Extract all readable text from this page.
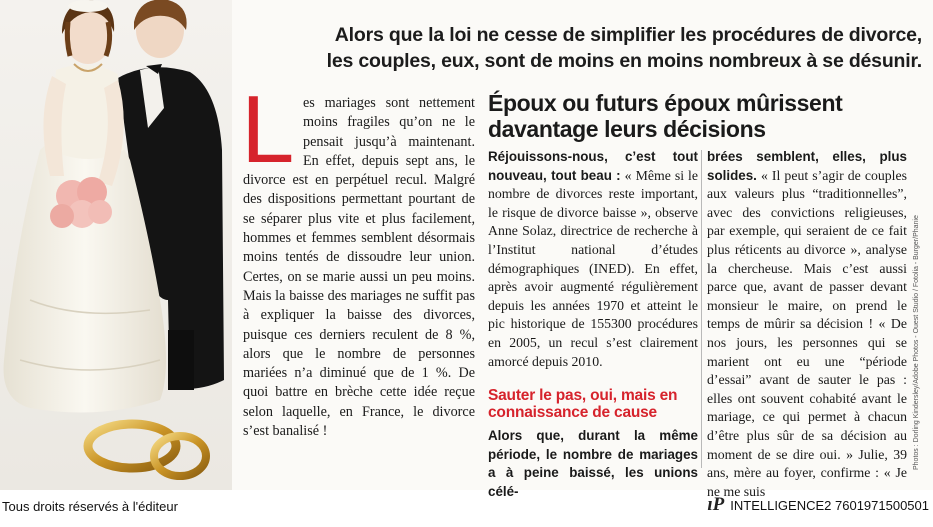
Alors que la loi ne cesse de simplifier les procédures de divorce,
les couples, eux, sont de moins en moins nombreux à se désunir.
L es mariages sont nettement moins fragiles qu’on ne le pensait jusqu’à maintenant. En effet, depuis sept ans, le divorce est en perpétuel recul. Malgré des dispositions permettant pourtant de se séparer plus vite et plus facilement, hommes et femmes semblent désormais moins tentés de dissoudre leur union. Certes, on se marie aussi un peu moins. Mais la baisse des mariages ne suffit pas à expliquer la baisse des divorces, puisque ces derniers reculent de 8 %, alors que le nombre de personnes mariées n’a diminué que de 1 %. De quoi battre en brèche cette idée reçue selon laquelle, en France, le divorce s’est banalisé !
Époux ou futurs époux mûrissent
davantage leurs décisions

Réjouissons-nous, c’est tout nouveau, tout beau : « Même si le nombre de divorces reste important, le risque de divorce baisse », observe Anne Solaz, directrice de recherche à l’Institut national d’études démographiques (INED). En effet, après avoir augmenté régulièrement depuis les années 1970 et atteint le pic historique de 155300 procédures en 2005, un recul s’est clairement amorcé depuis 2010.

Sauter le pas, oui, mais en connaissance de cause

Alors que, durant la même période, le nombre de mariages a à peine baissé, les unions célé-

brées semblent, elles, plus solides. « Il peut s’agir de couples aux valeurs plus “traditionnelles”, avec des convictions religieuses, par exemple, qui seraient de ce fait plus réticents au divorce », analyse la chercheuse. Mais c’est aussi parce que, avant de passer devant monsieur le maire, on prend le temps de mûrir sa décision ! « De nos jours, les personnes qui se marient ont eu une “période d’essai” avant de sauter le pas : elles ont souvent cohabité avant le mariage, ce qui permet à chacun d’être plus sûr de sa décision au moment de se dire oui. » Julie, 39 ans, mère au foyer, confirme : « Je ne me suis

Photos : Dorling Kindersley/Adobe Photos - Ouest Studio / Fotolia - Burger/Phanie
Tous droits réservés à l'éditeur	ıP INTELLIGENCE2 7601971500501
